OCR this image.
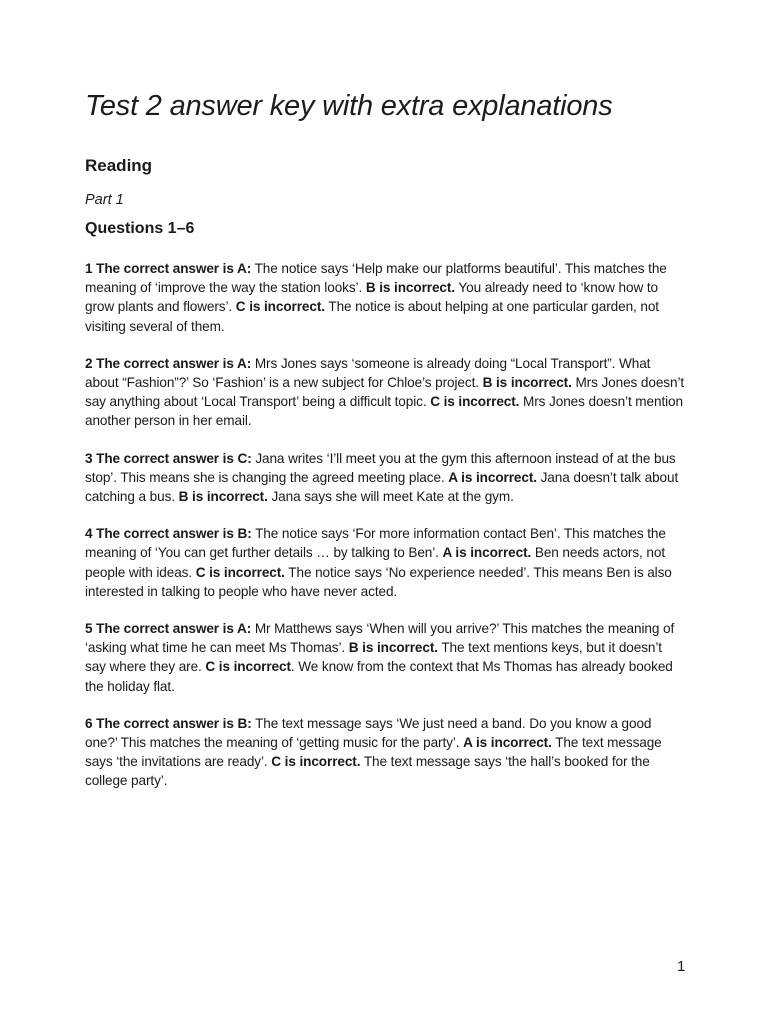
Test 2 answer key with extra explanations
Reading

Part 1

Questions 1–6

1 The correct answer is A: The notice says ‘Help make our platforms beautiful’. This matches the meaning of ‘improve the way the station looks’. B is incorrect. You already need to ‘know how to grow plants and flowers’. C is incorrect. The notice is about helping at one particular garden, not visiting several of them.

2 The correct answer is A: Mrs Jones says ‘someone is already doing “Local Transport”. What about “Fashion”?’ So ‘Fashion’ is a new subject for Chloe’s project. B is incorrect. Mrs Jones doesn’t say anything about ‘Local Transport’ being a difficult topic. C is incorrect. Mrs Jones doesn’t mention another person in her email.

3 The correct answer is C: Jana writes ‘I’ll meet you at the gym this afternoon instead of at the bus stop’. This means she is changing the agreed meeting place. A is incorrect. Jana doesn’t talk about catching a bus. B is incorrect. Jana says she will meet Kate at the gym.

4 The correct answer is B: The notice says ‘For more information contact Ben’. This matches the meaning of ‘You can get further details … by talking to Ben’. A is incorrect. Ben needs actors, not people with ideas. C is incorrect. The notice says ‘No experience needed’. This means Ben is also interested in talking to people who have never acted.

5 The correct answer is A: Mr Matthews says ‘When will you arrive?’ This matches the meaning of ‘asking what time he can meet Ms Thomas’. B is incorrect. The text mentions keys, but it doesn’t say where they are. C is incorrect. We know from the context that Ms Thomas has already booked the holiday flat.

6 The correct answer is B: The text message says ‘We just need a band. Do you know a good one?’ This matches the meaning of ‘getting music for the party’. A is incorrect. The text message says ‘the invitations are ready’. C is incorrect. The text message says ‘the hall’s booked for the college party’.

1
